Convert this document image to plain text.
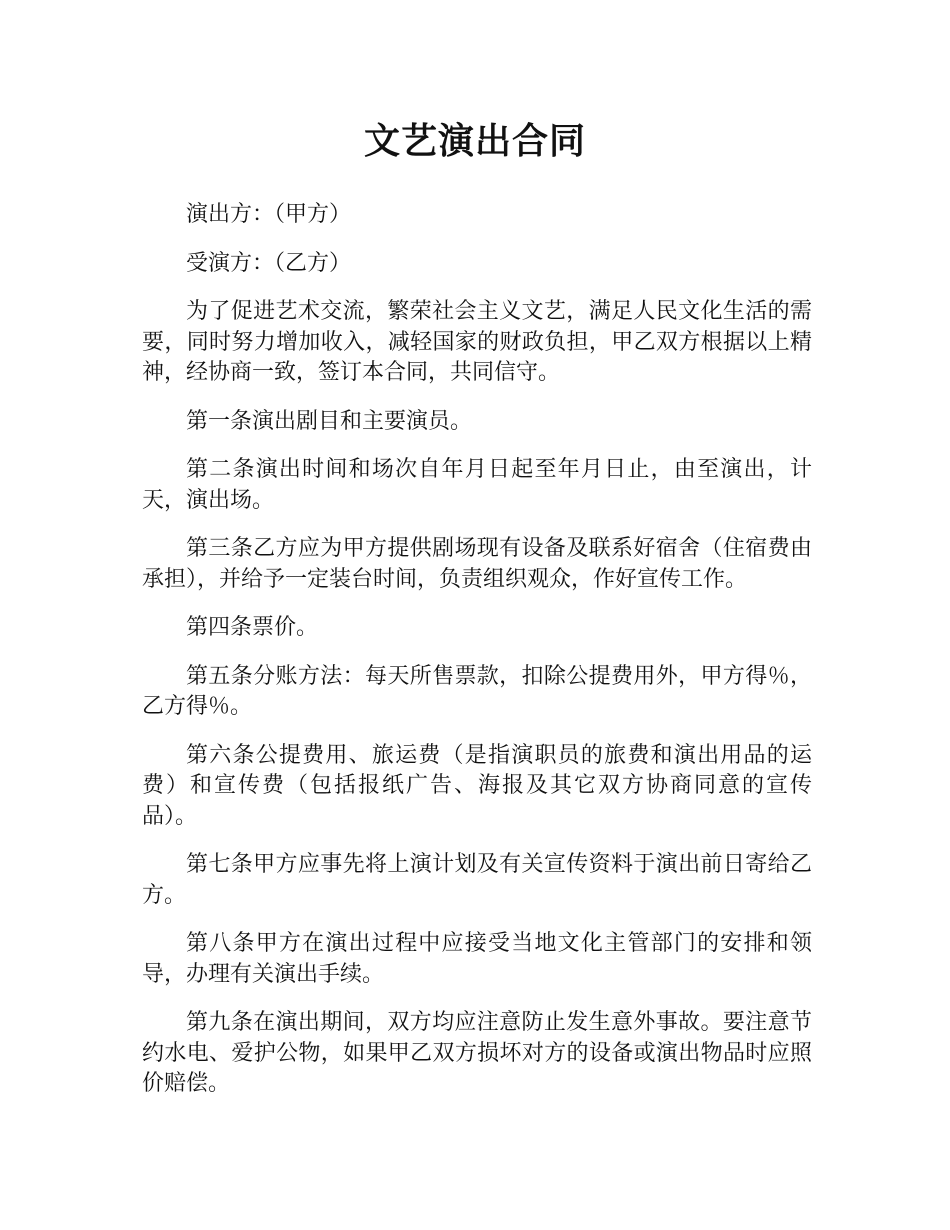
文艺演出合同

演出方：（甲方）

受演方：（乙方）

为了促进艺术交流，繁荣社会主义文艺，满足人民文化生活的需要，同时努力增加收入，减轻国家的财政负担，甲乙双方根据以上精神，经协商一致，签订本合同，共同信守。

第一条演出剧目和主要演员。

第二条演出时间和场次自年月日起至年月日止，由至演出，计天，演出场。

第三条乙方应为甲方提供剧场现有设备及联系好宿舍（住宿费由承担），并给予一定装台时间，负责组织观众，作好宣传工作。

第四条票价。

第五条分账方法：每天所售票款，扣除公提费用外，甲方得％，乙方得％。

第六条公提费用、旅运费（是指演职员的旅费和演出用品的运费）和宣传费（包括报纸广告、海报及其它双方协商同意的宣传品）。

第七条甲方应事先将上演计划及有关宣传资料于演出前日寄给乙方。

第八条甲方在演出过程中应接受当地文化主管部门的安排和领导，办理有关演出手续。

第九条在演出期间，双方均应注意防止发生意外事故。要注意节约水电、爱护公物，如果甲乙双方损坏对方的设备或演出物品时应照价赔偿。
